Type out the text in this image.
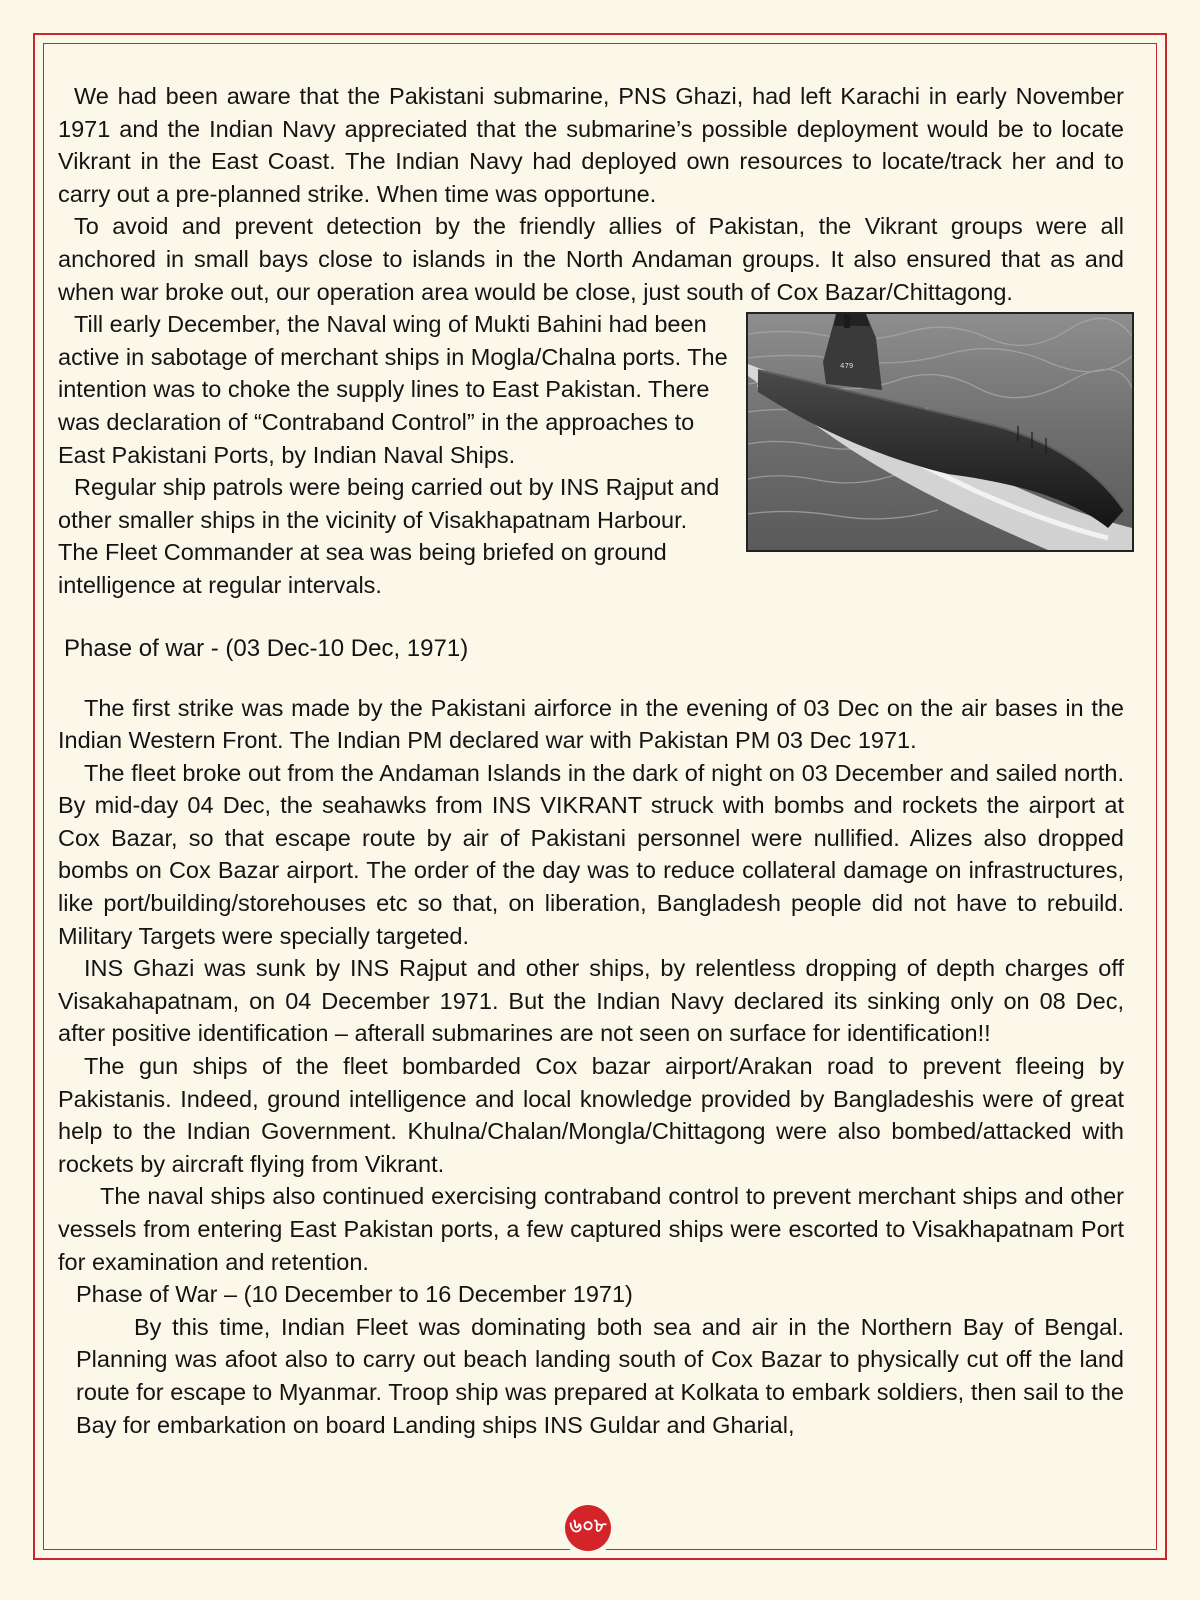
We had been aware that the Pakistani submarine, PNS Ghazi, had left Karachi in early November 1971 and the Indian Navy appreciated that the submarine’s possible deployment would be to locate Vikrant in the East Coast. The Indian Navy had deployed own resources to locate/track her and to carry out a pre-planned strike. When time was opportune.

To avoid and prevent detection by the friendly allies of Pakistan, the Vikrant groups were all anchored in small bays close to islands in the North Andaman groups. It also ensured that as and when war broke out, our operation area would be close, just south of Cox Bazar/Chittagong.

479

Till early December, the Naval wing of Mukti Bahini had been active in sabotage of merchant ships in Mogla/Chalna ports. The intention was to choke the supply lines to East Pakistan. There was declaration of “Contraband Control” in the approaches to East Pakistani Ports, by Indian Naval Ships.

Regular ship patrols were being carried out by INS Rajput and other smaller ships in the vicinity of Visakhapatnam Harbour. The Fleet Commander at sea was being briefed on ground intelligence at regular intervals.

Phase of war - (03 Dec-10 Dec, 1971)

The first strike was made by the Pakistani airforce in the evening of 03 Dec on the air bases in the Indian Western Front. The Indian PM declared war with Pakistan PM 03 Dec 1971.

The fleet broke out from the Andaman Islands in the dark of night on 03 December and sailed north. By mid-day 04 Dec, the seahawks from INS VIKRANT struck with bombs and rockets the airport at Cox Bazar, so that escape route by air of Pakistani personnel were nullified. Alizes also dropped bombs on Cox Bazar airport. The order of the day was to reduce collateral damage on infrastructures, like port/building/storehouses etc so that, on liberation, Bangladesh people did not have to rebuild. Military Targets were specially targeted.

INS Ghazi was sunk by INS Rajput and other ships, by relentless dropping of depth charges off Visakahapatnam, on 04 December 1971. But the Indian Navy declared its sinking only on 08 Dec, after positive identification – afterall submarines are not seen on surface for identification!!

The gun ships of the fleet bombarded Cox bazar airport/Arakan road to prevent fleeing by Pakistanis. Indeed, ground intelligence and local knowledge provided by Bangladeshis were of great help to the Indian Government. Khulna/Chalan/Mongla/Chittagong were also bombed/attacked with rockets by aircraft flying from Vikrant.

The naval ships also continued exercising contraband control to prevent merchant ships and other vessels from entering East Pakistan ports, a few captured ships were escorted to Visakhapatnam Port for examination and retention.

Phase of War – (10 December to 16 December 1971)

By this time, Indian Fleet was dominating both sea and air in the Northern Bay of Bengal. Planning was afoot also to carry out beach landing south of Cox Bazar to physically cut off the land route for escape to Myanmar. Troop ship was prepared at Kolkata to embark soldiers, then sail to the Bay for embarkation on board Landing ships INS Guldar and Gharial,

৬০৮
